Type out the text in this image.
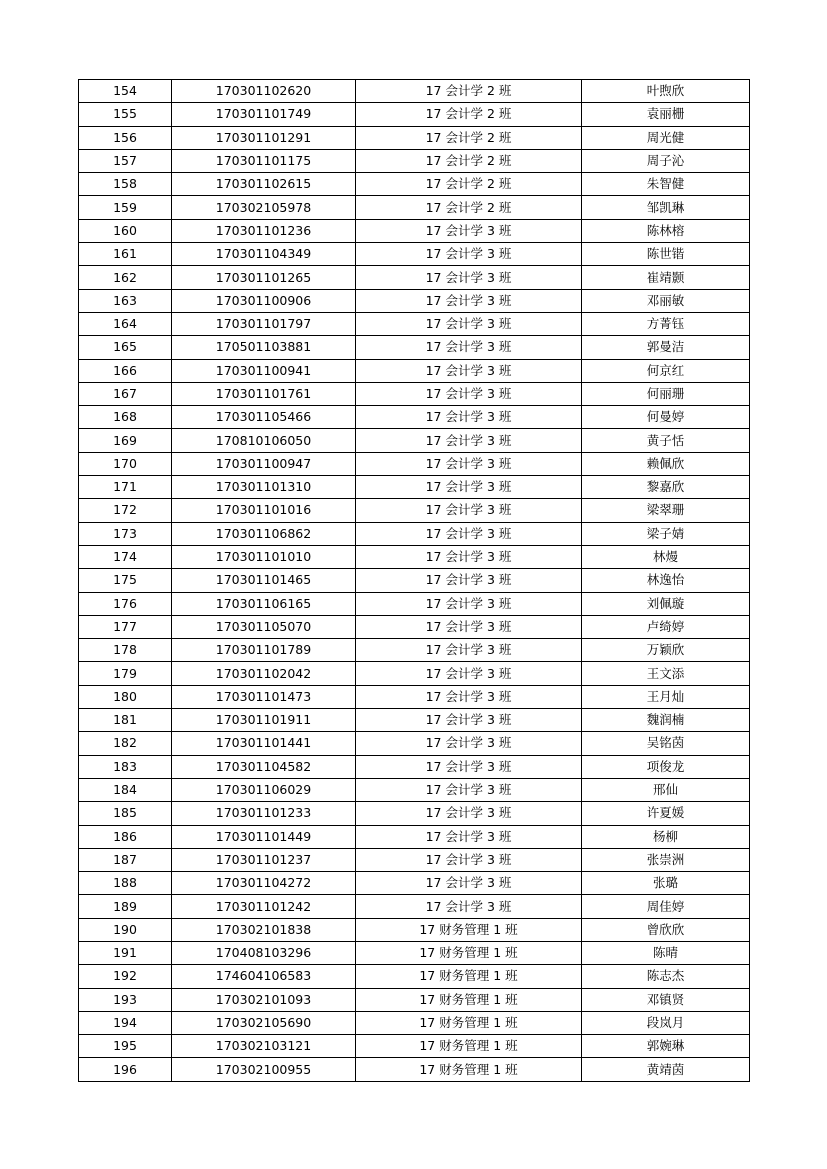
154	170301102620	17 会计学 2 班	叶煦欣
155	170301101749	17 会计学 2 班	袁丽栅
156	170301101291	17 会计学 2 班	周光健
157	170301101175	17 会计学 2 班	周子沁
158	170301102615	17 会计学 2 班	朱智健
159	170302105978	17 会计学 2 班	邹凯琳
160	170301101236	17 会计学 3 班	陈林榕
161	170301104349	17 会计学 3 班	陈世锴
162	170301101265	17 会计学 3 班	崔靖颢
163	170301100906	17 会计学 3 班	邓丽敏
164	170301101797	17 会计学 3 班	方菁钰
165	170501103881	17 会计学 3 班	郭曼洁
166	170301100941	17 会计学 3 班	何京红
167	170301101761	17 会计学 3 班	何丽珊
168	170301105466	17 会计学 3 班	何曼婷
169	170810106050	17 会计学 3 班	黄子恬
170	170301100947	17 会计学 3 班	赖佩欣
171	170301101310	17 会计学 3 班	黎嘉欣
172	170301101016	17 会计学 3 班	梁翠珊
173	170301106862	17 会计学 3 班	梁子婧
174	170301101010	17 会计学 3 班	林熳
175	170301101465	17 会计学 3 班	林逸怡
176	170301106165	17 会计学 3 班	刘佩璇
177	170301105070	17 会计学 3 班	卢绮婷
178	170301101789	17 会计学 3 班	万颖欣
179	170301102042	17 会计学 3 班	王文添
180	170301101473	17 会计学 3 班	王月灿
181	170301101911	17 会计学 3 班	魏润楠
182	170301101441	17 会计学 3 班	吴铭茵
183	170301104582	17 会计学 3 班	项俊龙
184	170301106029	17 会计学 3 班	邢仙
185	170301101233	17 会计学 3 班	许夏媛
186	170301101449	17 会计学 3 班	杨柳
187	170301101237	17 会计学 3 班	张崇洲
188	170301104272	17 会计学 3 班	张璐
189	170301101242	17 会计学 3 班	周佳婷
190	170302101838	17 财务管理 1 班	曾欣欣
191	170408103296	17 财务管理 1 班	陈晴
192	174604106583	17 财务管理 1 班	陈志杰
193	170302101093	17 财务管理 1 班	邓镇贤
194	170302105690	17 财务管理 1 班	段岚月
195	170302103121	17 财务管理 1 班	郭婉琳
196	170302100955	17 财务管理 1 班	黄靖茵
